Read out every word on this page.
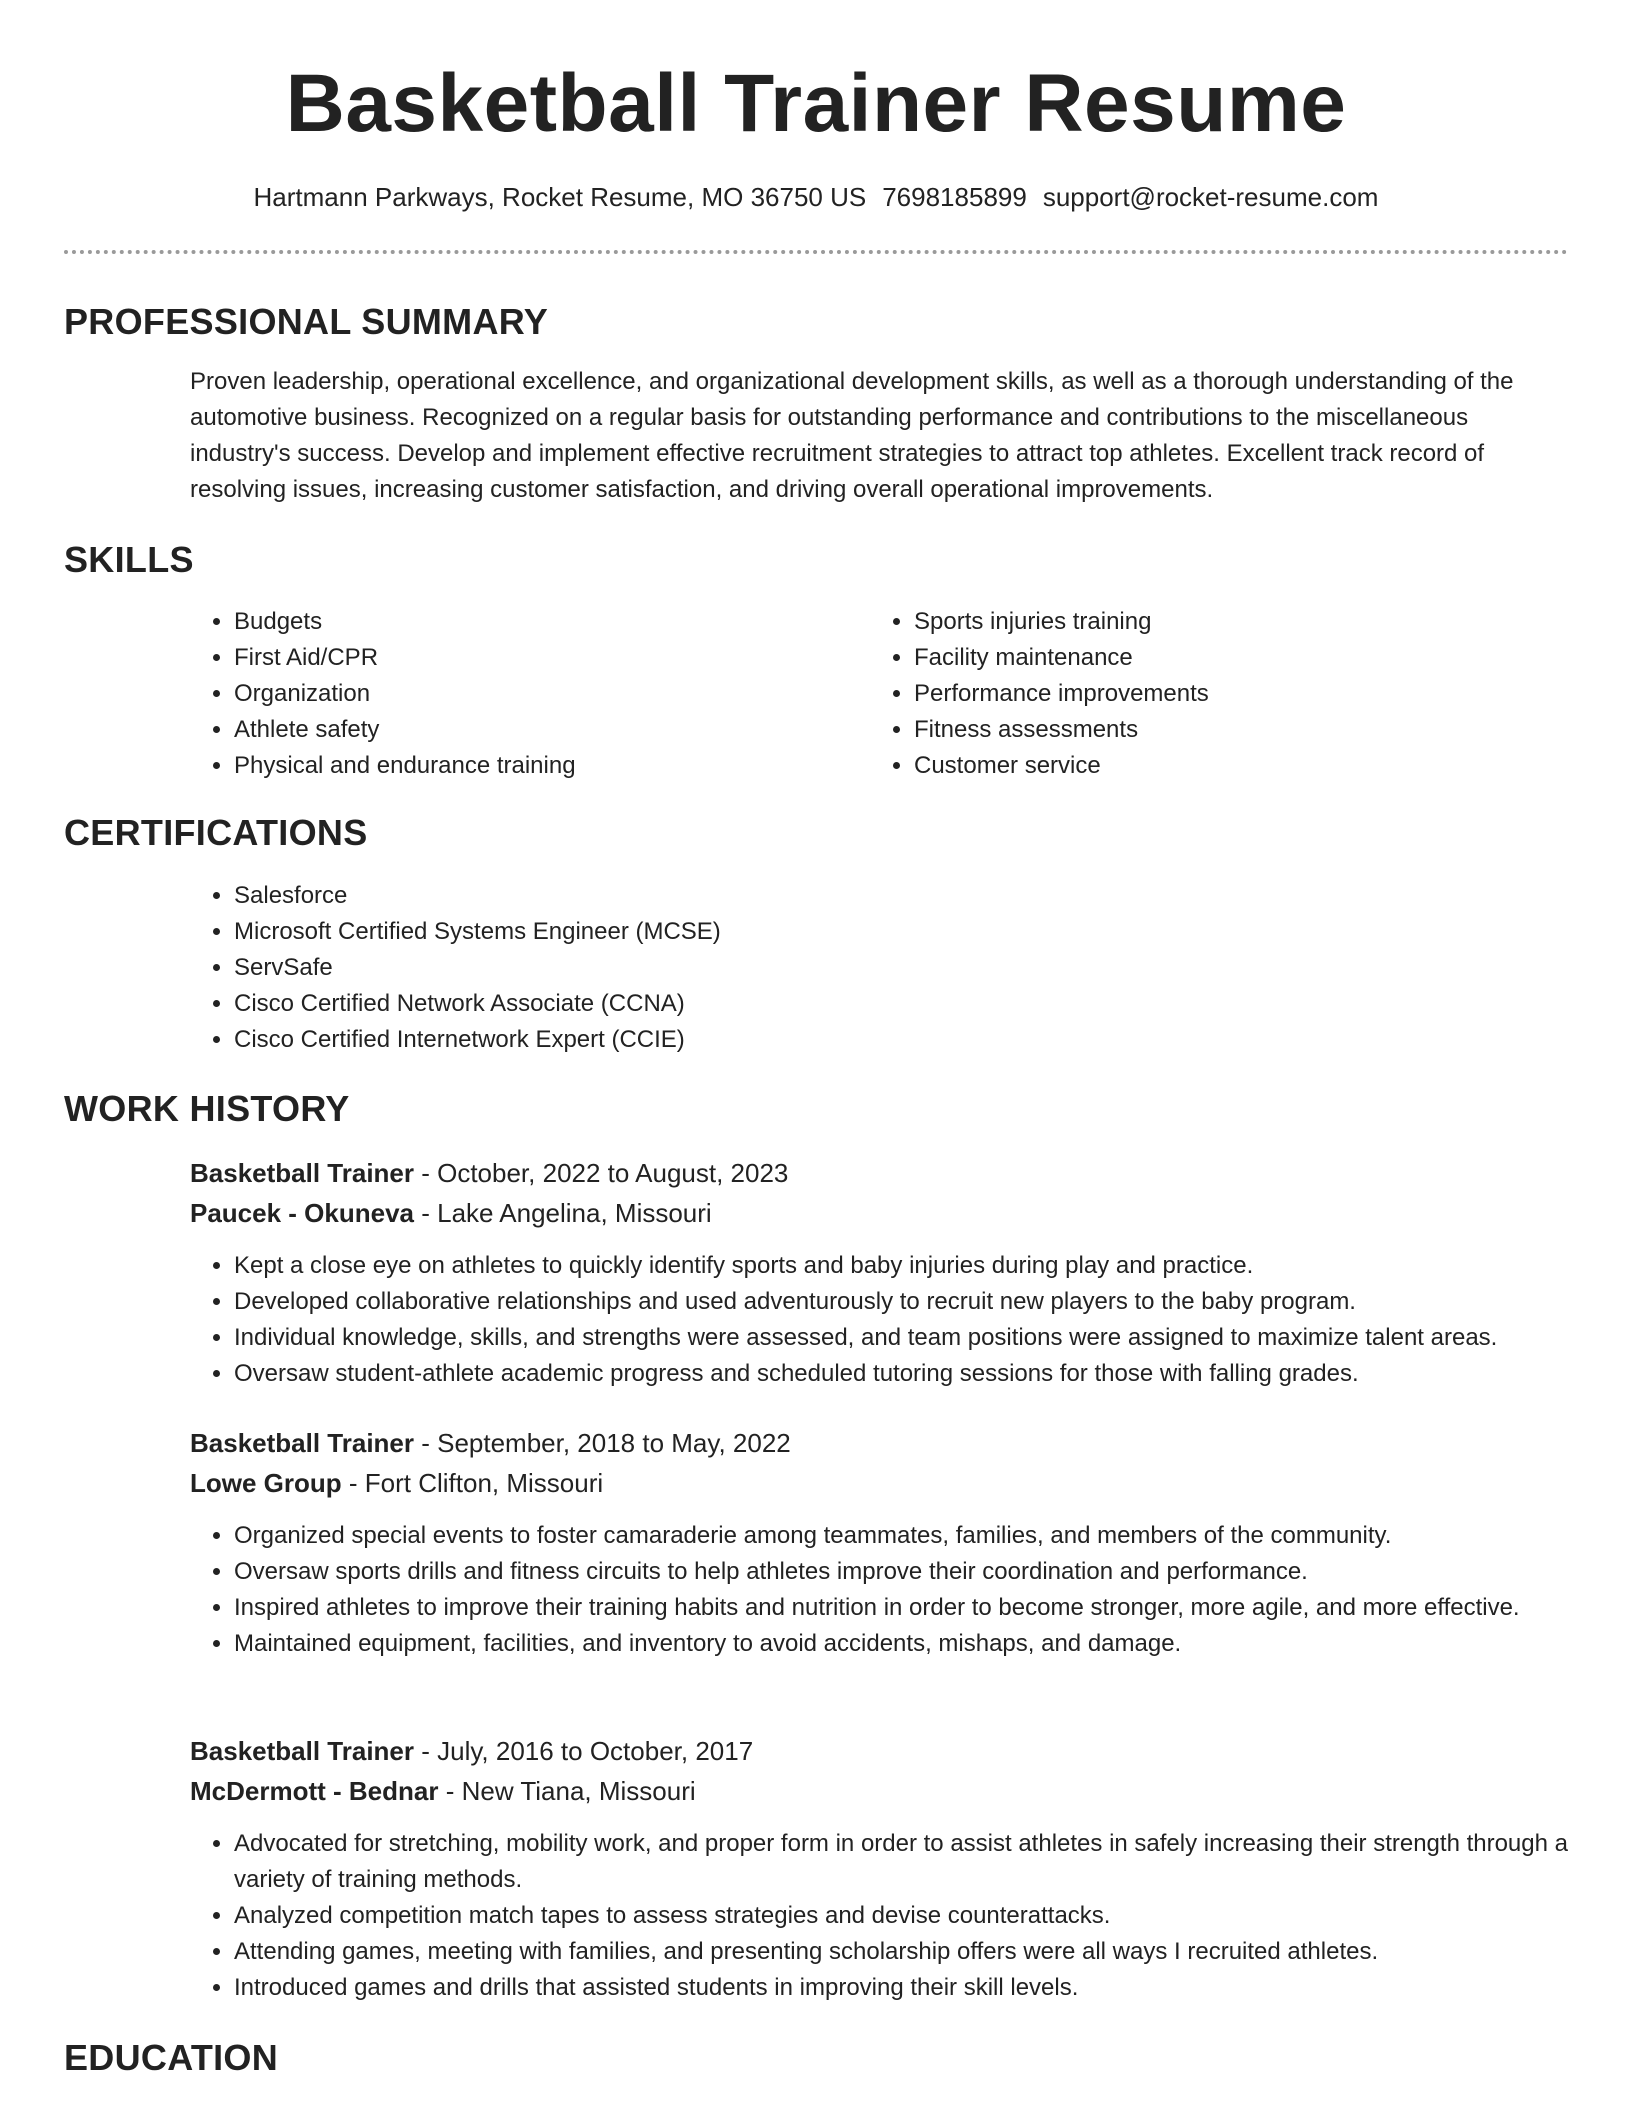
Basketball Trainer Resume
Hartmann Parkways, Rocket Resume, MO 36750 US 7698185899 support@rocket-resume.com
PROFESSIONAL SUMMARY

Proven leadership, operational excellence, and organizational development skills, as well as a thorough understanding of the automotive business. Recognized on a regular basis for outstanding performance and contributions to the miscellaneous industry's success. Develop and implement effective recruitment strategies to attract top athletes. Excellent track record of resolving issues, increasing customer satisfaction, and driving overall operational improvements.

SKILLS
• Budgets
• First Aid/CPR
• Organization
• Athlete safety
• Physical and endurance training
• Sports injuries training
• Facility maintenance
• Performance improvements
• Fitness assessments
• Customer service
CERTIFICATIONS
• Salesforce
• Microsoft Certified Systems Engineer (MCSE)
• ServSafe
• Cisco Certified Network Associate (CCNA)
• Cisco Certified Internetwork Expert (CCIE)
WORK HISTORY

Basketball Trainer - October, 2022 to August, 2023

Paucek - Okuneva - Lake Angelina, Missouri

• Kept a close eye on athletes to quickly identify sports and baby injuries during play and practice.
• Developed collaborative relationships and used adventurously to recruit new players to the baby program.
• Individual knowledge, skills, and strengths were assessed, and team positions were assigned to maximize talent areas.
• Oversaw student-athlete academic progress and scheduled tutoring sessions for those with falling grades.

Basketball Trainer - September, 2018 to May, 2022

Lowe Group - Fort Clifton, Missouri

• Organized special events to foster camaraderie among teammates, families, and members of the community.
• Oversaw sports drills and fitness circuits to help athletes improve their coordination and performance.
• Inspired athletes to improve their training habits and nutrition in order to become stronger, more agile, and more effective.
• Maintained equipment, facilities, and inventory to avoid accidents, mishaps, and damage.

Basketball Trainer - July, 2016 to October, 2017

McDermott - Bednar - New Tiana, Missouri

• Advocated for stretching, mobility work, and proper form in order to assist athletes in safely increasing their strength through a variety of training methods.
• Analyzed competition match tapes to assess strategies and devise counterattacks.
• Attending games, meeting with families, and presenting scholarship offers were all ways I recruited athletes.
• Introduced games and drills that assisted students in improving their skill levels.
EDUCATION
